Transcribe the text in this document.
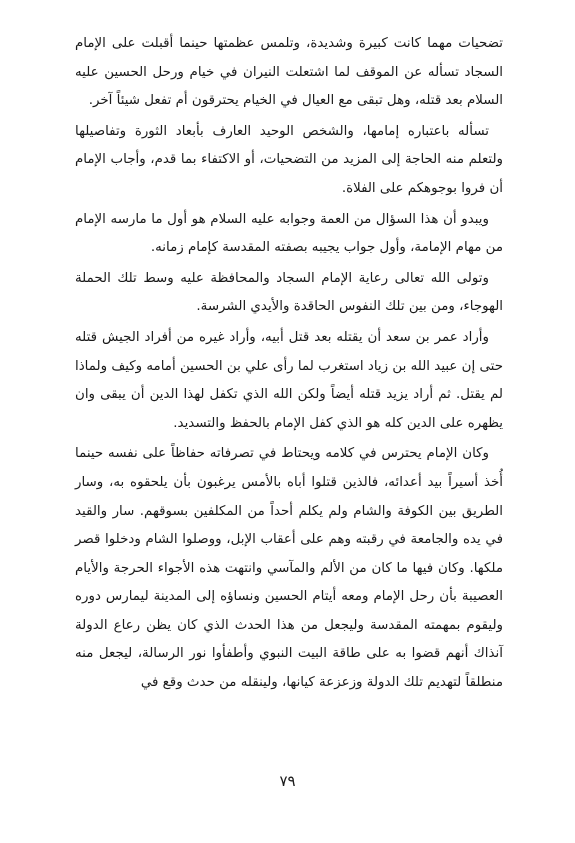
تضحيات مهما كانت كبيرة وشديدة، وتلمس عظمتها حينما أقبلت على الإمام السجاد تسأله عن الموقف لما اشتعلت النيران في خيام ورحل الحسين عليه السلام بعد قتله، وهل تبقى مع العيال في الخيام يحترقون أم تفعل شيئاً آخر.

تسأله باعتباره إمامها، والشخص الوحيد العارف بأبعاد الثورة وتفاصيلها ولتعلم منه الحاجة إلى المزيد من التضحيات، أو الاكتفاء بما قدم، وأجاب الإمام أن فروا بوجوهكم على الفلاة.

ويبدو أن هذا السؤال من العمة وجوابه عليه السلام هو أول ما مارسه الإمام من مهام الإمامة، وأول جواب يجيبه بصفته المقدسة كإمام زمانه.

وتولى الله تعالى رعاية الإمام السجاد والمحافظة عليه وسط تلك الحملة الهوجاء، ومن بين تلك النفوس الحاقدة والأيدي الشرسة.

وأراد عمر بن سعد أن يقتله بعد قتل أبيه، وأراد غيره من أفراد الجيش قتله حتى إن عبيد الله بن زياد استغرب لما رأى علي بن الحسين أمامه وكيف ولماذا لم يقتل. ثم أراد يزيد قتله أيضاً ولكن الله الذي تكفل لهذا الدين أن يبقى وان يظهره على الدين كله هو الذي كفل الإمام بالحفظ والتسديد.

وكان الإمام يحترس في كلامه ويحتاط في تصرفاته حفاظاً على نفسه حينما أُخذ أسيراً بيد أعدائه، فالذين قتلوا أباه بالأمس يرغبون بأن يلحقوه به، وسار الطريق بين الكوفة والشام ولم يكلم أحداً من المكلفين بسوقهم. سار والقيد في يده والجامعة في رقبته وهم على أعقاب الإبل، ووصلوا الشام ودخلوا قصر ملكها. وكان فيها ما كان من الألم والمآسي وانتهت هذه الأجواء الحرجة والأيام العصيبة بأن رحل الإمام ومعه أيتام الحسين ونساؤه إلى المدينة ليمارس دوره وليقوم بمهمته المقدسة وليجعل من هذا الحدث الذي كان يظن رعاع الدولة آنذاك أنهم قضوا به على طاقة البيت النبوي وأطفأوا نور الرسالة، ليجعل منه منطلقاً لتهديم تلك الدولة وزعزعة كيانها، ولينقله من حدث وقع في

٧٩
